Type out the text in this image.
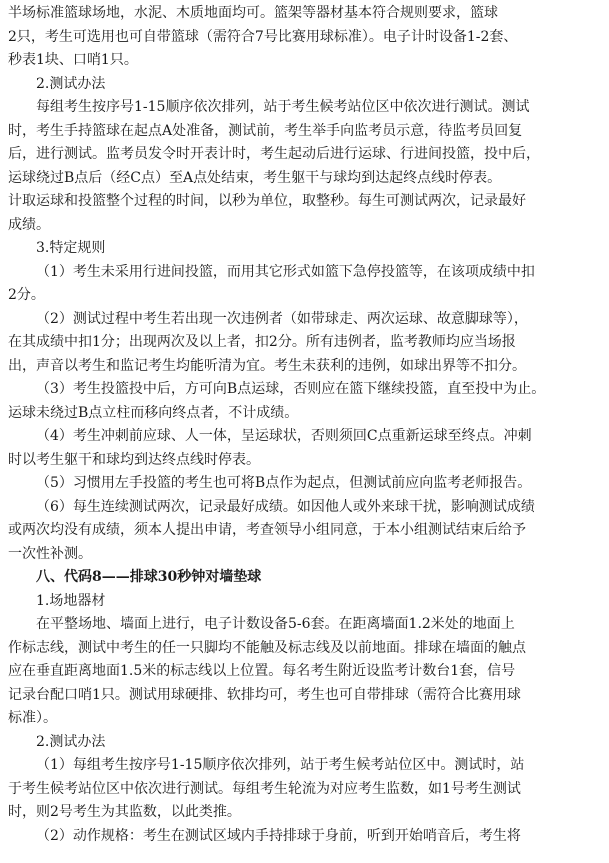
半场标准篮球场地，水泥、木质地面均可。篮架等器材基本符合规则要求，篮球
2只，考生可选用也可自带篮球（需符合7号比赛用球标准）。电子计时设备1-2套、
秒表1块、口哨1只。
2.测试办法
每组考生按序号1-15顺序依次排列，站于考生候考站位区中依次进行测试。测试
时，考生手持篮球在起点A处准备，测试前，考生举手向监考员示意，待监考员回复
后，进行测试。监考员发令时开表计时，考生起动后进行运球、行进间投篮，投中后，
运球绕过B点后（经C点）至A点处结束，考生躯干与球均到达起终点线时停表。
计取运球和投篮整个过程的时间，以秒为单位，取整秒。每生可测试两次，记录最好
成绩。
3.特定规则
（1）考生未采用行进间投篮，而用其它形式如篮下急停投篮等，在该项成绩中扣
2分。
（2）测试过程中考生若出现一次违例者（如带球走、两次运球、故意脚球等），
在其成绩中扣1分；出现两次及以上者，扣2分。所有违例者，监考教师均应当场报
出，声音以考生和监记考生均能听清为宜。考生未获利的违例，如球出界等不扣分。
（3）考生投篮投中后，方可向B点运球，否则应在篮下继续投篮，直至投中为止。
运球未绕过B点立柱而移向终点者，不计成绩。
（4）考生冲刺前应球、人一体，呈运球状，否则须回C点重新运球至终点。冲刺
时以考生躯干和球均到达终点线时停表。
（5）习惯用左手投篮的考生也可将B点作为起点，但测试前应向监考老师报告。
（6）每生连续测试两次，记录最好成绩。如因他人或外来球干扰，影响测试成绩
或两次均没有成绩，须本人提出申请，考查领导小组同意，于本小组测试结束后给予
一次性补测。
八、代码8——排球30秒钟对墙垫球
1.场地器材
在平整场地、墙面上进行，电子计数设备5-6套。在距离墙面1.2米处的地面上
作标志线，测试中考生的任一只脚均不能触及标志线及以前地面。排球在墙面的触点
应在垂直距离地面1.5米的标志线以上位置。每名考生附近设监考计数台1套，信号
记录台配口哨1只。测试用球硬排、软排均可，考生也可自带排球（需符合比赛用球
标准）。
2.测试办法
（1）每组考生按序号1-15顺序依次排列，站于考生候考站位区中。测试时，站
于考生候考站位区中依次进行测试。每组考生轮流为对应考生监数，如1号考生测试
时，则2号考生为其监数，以此类推。
（2）动作规格：考生在测试区域内手持排球于身前，听到开始哨音后，考生将
